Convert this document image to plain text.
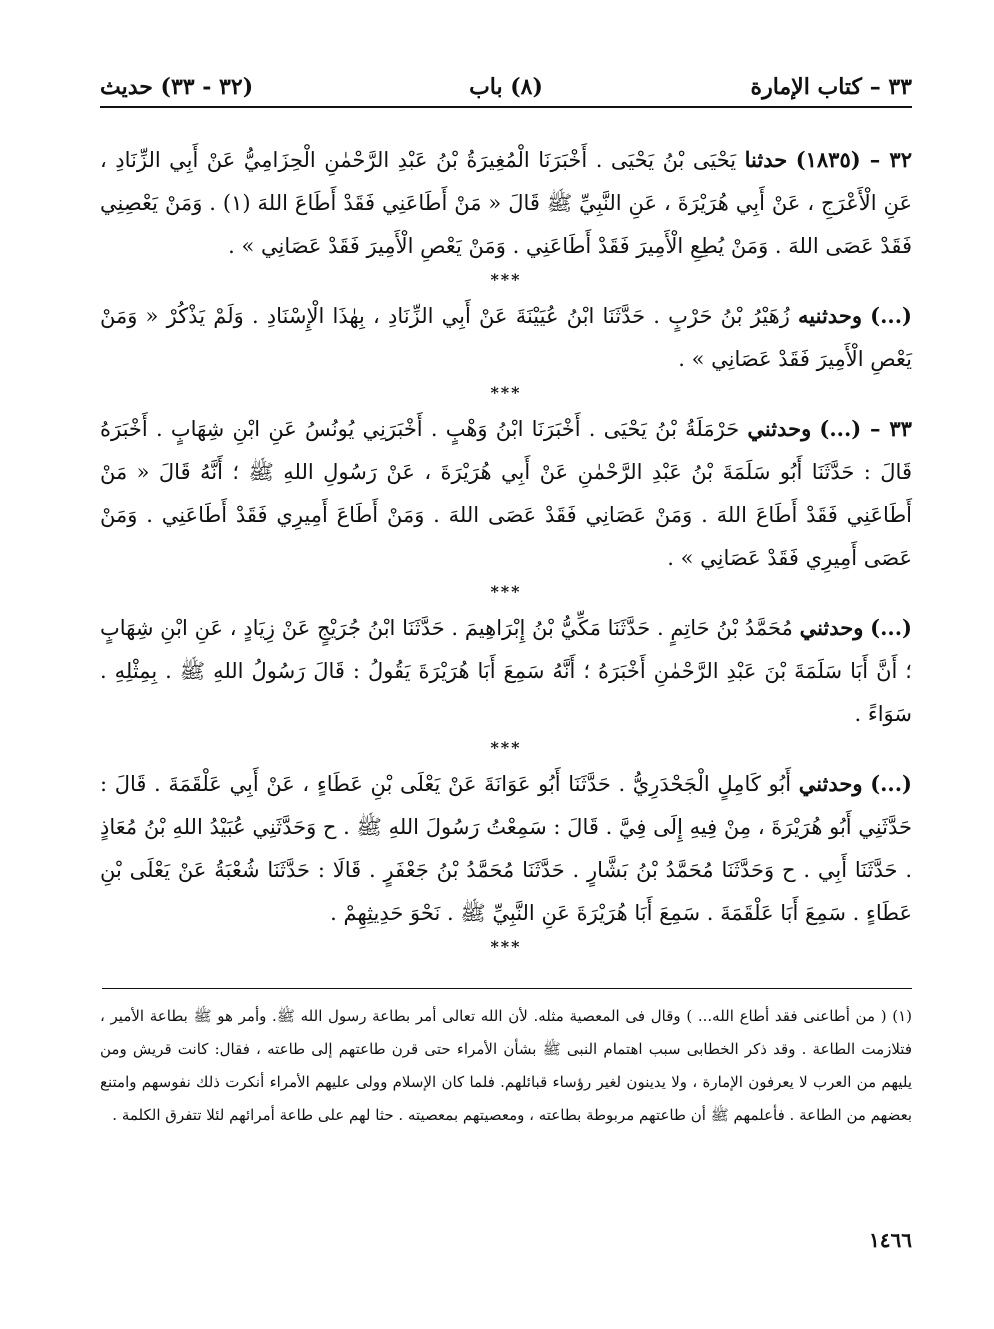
٣٣ – كتاب الإمارة
(٨) باب
(٣٢ - ٣٣) حديث

٣٢ – (١٨٣٥) حدثنا يَحْيَى بْنُ يَحْيَى . أَخْبَرَنَا الْمُغِيرَةُ بْنُ عَبْدِ الرَّحْمٰنِ الْحِزَامِيُّ عَنْ أَبِي الزِّنَادِ ، عَنِ الْأَعْرَجِ ، عَنْ أَبِي هُرَيْرَةَ ، عَنِ النَّبِيِّ ﷺ قَالَ « مَنْ أَطَاعَنِي فَقَدْ أَطَاعَ اللهَ (١) . وَمَنْ يَعْصِنِي فَقَدْ عَصَى اللهَ . وَمَنْ يُطِعِ الْأَمِيرَ فَقَدْ أَطَاعَنِي . وَمَنْ يَعْصِ الْأَمِيرَ فَقَدْ عَصَانِي » .

***

(...) وحدثنيه زُهَيْرُ بْنُ حَرْبٍ . حَدَّثَنَا ابْنُ عُيَيْنَةَ عَنْ أَبِي الزِّنَادِ ، بِهٰذَا الْإِسْنَادِ . وَلَمْ يَذْكُرْ « وَمَنْ يَعْصِ الْأَمِيرَ فَقَدْ عَصَانِي » .

***

٣٣ – (...) وحدثني حَرْمَلَةُ بْنُ يَحْيَى . أَخْبَرَنَا ابْنُ وَهْبٍ . أَخْبَرَنِي يُونُسُ عَنِ ابْنِ شِهَابٍ . أَخْبَرَهُ قَالَ : حَدَّثَنَا أَبُو سَلَمَةَ بْنُ عَبْدِ الرَّحْمٰنِ عَنْ أَبِي هُرَيْرَةَ ، عَنْ رَسُولِ اللهِ ﷺ ؛ أَنَّهُ قَالَ « مَنْ أَطَاعَنِي فَقَدْ أَطَاعَ اللهَ . وَمَنْ عَصَانِي فَقَدْ عَصَى اللهَ . وَمَنْ أَطَاعَ أَمِيرِي فَقَدْ أَطَاعَنِي . وَمَنْ عَصَى أَمِيرِي فَقَدْ عَصَانِي » .

***

(...) وحدثني مُحَمَّدُ بْنُ حَاتِمٍ . حَدَّثَنَا مَكِّيُّ بْنُ إِبْرَاهِيمَ . حَدَّثَنَا ابْنُ جُرَيْجٍ عَنْ زِيَادٍ ، عَنِ ابْنِ شِهَابٍ ؛ أَنَّ أَبَا سَلَمَةَ بْنَ عَبْدِ الرَّحْمٰنِ أَخْبَرَهُ ؛ أَنَّهُ سَمِعَ أَبَا هُرَيْرَةَ يَقُولُ : قَالَ رَسُولُ اللهِ ﷺ . بِمِثْلِهِ . سَوَاءً .

***

(...) وحدثني أَبُو كَامِلٍ الْجَحْدَرِيُّ . حَدَّثَنَا أَبُو عَوَانَةَ عَنْ يَعْلَى بْنِ عَطَاءٍ ، عَنْ أَبِي عَلْقَمَةَ . قَالَ : حَدَّثَنِي أَبُو هُرَيْرَةَ ، مِنْ فِيهِ إِلَى فِيَّ . قَالَ : سَمِعْتُ رَسُولَ اللهِ ﷺ . ح وَحَدَّثَنِي عُبَيْدُ اللهِ بْنُ مُعَاذٍ . حَدَّثَنَا أَبِي . ح وَحَدَّثَنَا مُحَمَّدُ بْنُ بَشَّارٍ . حَدَّثَنَا مُحَمَّدُ بْنُ جَعْفَرٍ . قَالَا : حَدَّثَنَا شُعْبَةُ عَنْ يَعْلَى بْنِ عَطَاءٍ . سَمِعَ أَبَا عَلْقَمَةَ . سَمِعَ أَبَا هُرَيْرَةَ عَنِ النَّبِيِّ ﷺ . نَحْوَ حَدِيثِهِمْ .

***
(١) ( من أطاعنى فقد أطاع الله... ) وقال فى المعصية مثله. لأن الله تعالى أمر بطاعة رسول الله ﷺ. وأمر هو ﷺ بطاعة الأمير ، فتلازمت الطاعة . وقد ذكر الخطابى سبب اهتمام النبى ﷺ بشأن الأمراء حتى قرن طاعتهم إلى طاعته ، فقال: كانت قريش ومن يليهم من العرب لا يعرفون الإمارة ، ولا يدينون لغير رؤساء قبائلهم. فلما كان الإسلام وولى عليهم الأمراء أنكرت ذلك نفوسهم وامتنع بعضهم من الطاعة . فأعلمهم ﷺ أن طاعتهم مربوطة بطاعته ، ومعصيتهم بمعصيته . حثا لهم على طاعة أمرائهم لئلا تتفرق الكلمة .
١٤٦٦
